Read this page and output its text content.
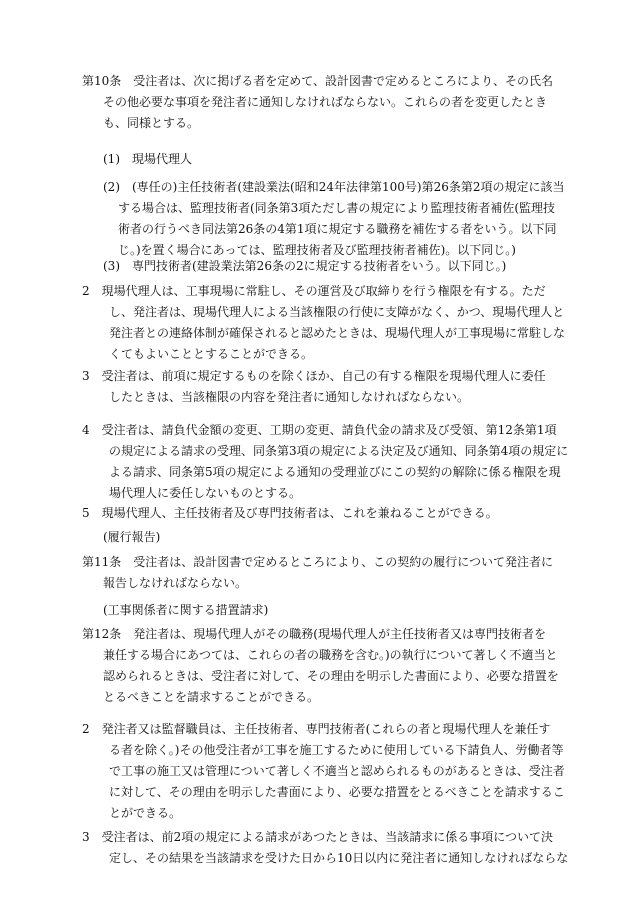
第10条　受注者は、次に掲げる者を定めて、設計図書で定めるところにより、その氏名
その他必要な事項を発注者に通知しなければならない。これらの者を変更したとき
も、同様とする。
(1)　現場代理人
(2)　(専任の)主任技術者(建設業法(昭和24年法律第100号)第26条第2項の規定に該当
する場合は、監理技術者(同条第3項ただし書の規定により監理技術者補佐(監理技
術者の行うべき同法第26条の4第1項に規定する職務を補佐する者をいう。以下同
じ。)を置く場合にあっては、監理技術者及び監理技術者補佐)。以下同じ。)
(3)　専門技術者(建設業法第26条の2に規定する技術者をいう。以下同じ。)
2　現場代理人は、工事現場に常駐し、その運営及び取締りを行う権限を有する。ただ
し、発注者は、現場代理人による当該権限の行使に支障がなく、かつ、現場代理人と
発注者との連絡体制が確保されると認めたときは、現場代理人が工事現場に常駐しな
くてもよいこととすることができる。
3　受注者は、前項に規定するものを除くほか、自己の有する権限を現場代理人に委任
したときは、当該権限の内容を発注者に通知しなければならない。
4　受注者は、請負代金額の変更、工期の変更、請負代金の請求及び受領、第12条第1項
の規定による請求の受理、同条第3項の規定による決定及び通知、同条第4項の規定に
よる請求、同条第5項の規定による通知の受理並びにこの契約の解除に係る権限を現
場代理人に委任しないものとする。
5　現場代理人、主任技術者及び専門技術者は、これを兼ねることができる。
(履行報告)
第11条　受注者は、設計図書で定めるところにより、この契約の履行について発注者に
報告しなければならない。
(工事関係者に関する措置請求)
第12条　発注者は、現場代理人がその職務(現場代理人が主任技術者又は専門技術者を
兼任する場合にあつては、これらの者の職務を含む。)の執行について著しく不適当と
認められるときは、受注者に対して、その理由を明示した書面により、必要な措置を
とるべきことを請求することができる。
2　発注者又は監督職員は、主任技術者、専門技術者(これらの者と現場代理人を兼任す
る者を除く。)その他受注者が工事を施工するために使用している下請負人、労働者等
で工事の施工又は管理について著しく不適当と認められるものがあるときは、受注者
に対して、その理由を明示した書面により、必要な措置をとるべきことを請求するこ
とができる。
3　受注者は、前2項の規定による請求があつたときは、当該請求に係る事項について決
定し、その結果を当該請求を受けた日から10日以内に発注者に通知しなければならな
